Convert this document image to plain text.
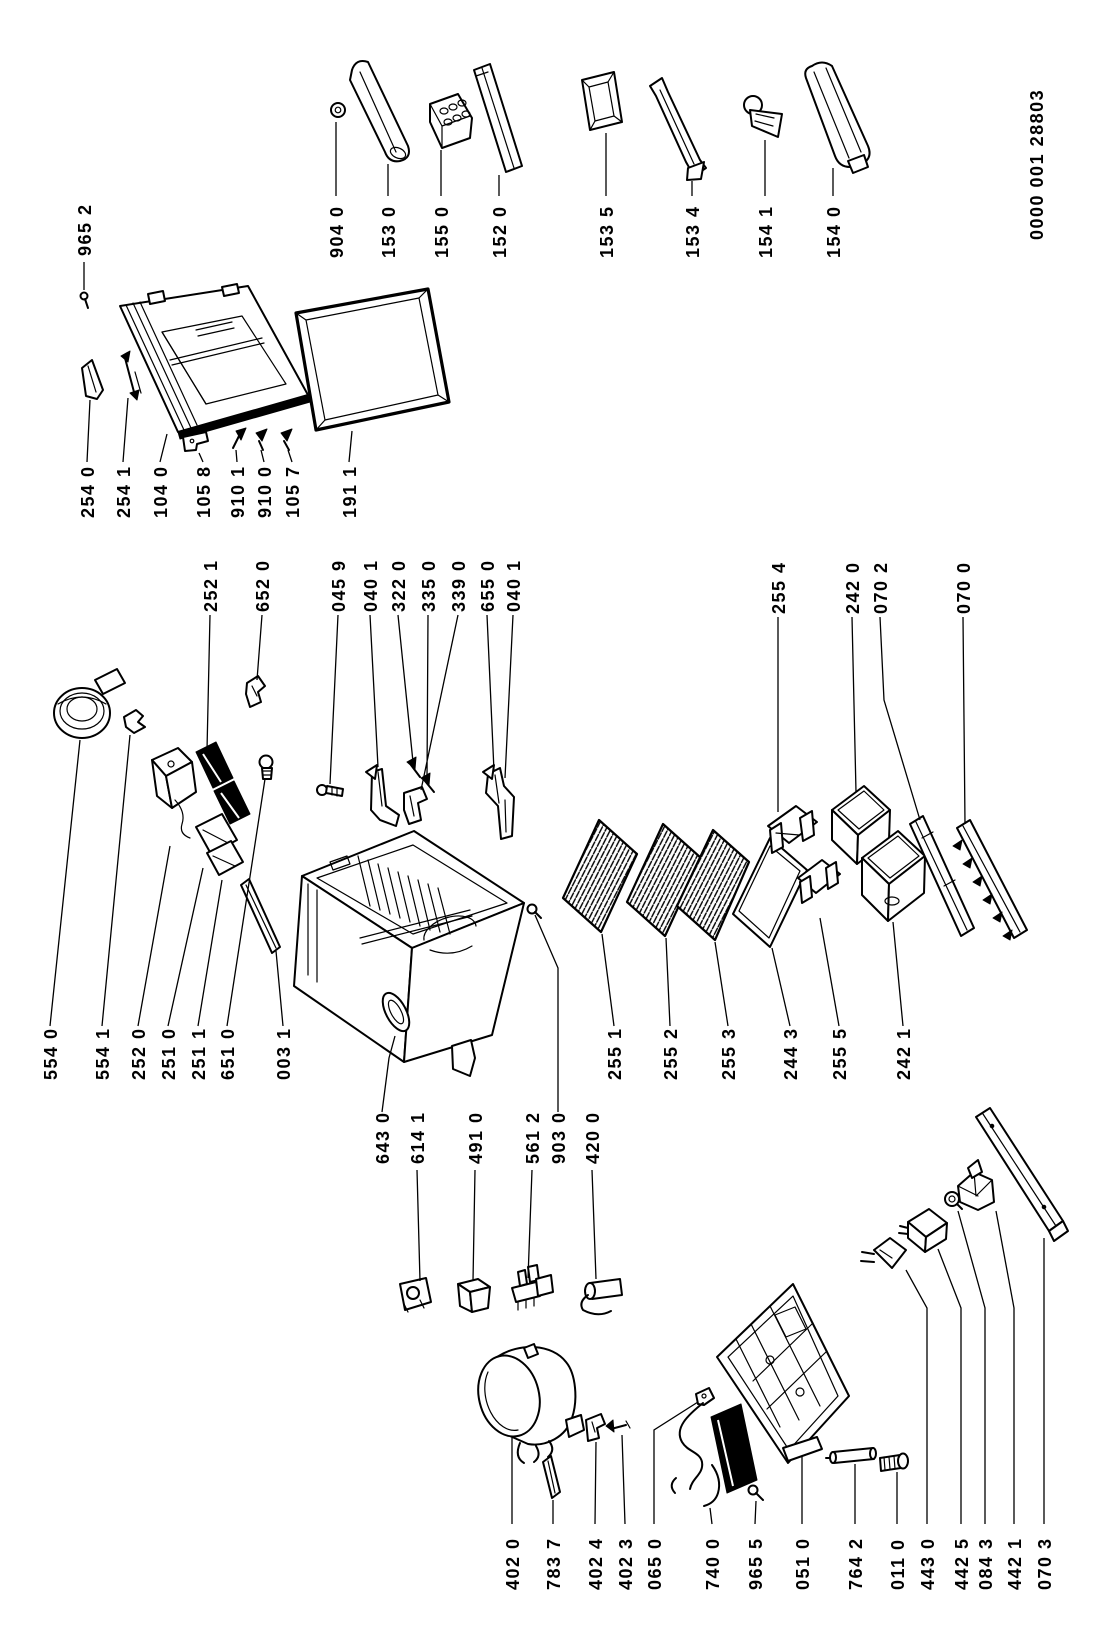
904 0 153 0 155 0 152 0	153 5	153 4	154 1	154 0
965 2
254 0 254 1 104 0 105 8 910 1 910 0 105 7 191 1
252 1 652 0	045 9 040 1 322 0 335 0 339 0 655 0 040 1	255 4	242 0 070 2	070 0
554 0 554 1 252 0 251 0 251 1 651 0 003 1	255 1 255 2 255 3 244 3 255 5 242 1
643 0 614 1 491 0 561 2 903 0 420 0
402 0 783 7 402 4 402 3 065 0 740 0 965 5 051 0 764 2 011 0 443 0 442 5 084 3 442 1 070 3
0000 001 28803
